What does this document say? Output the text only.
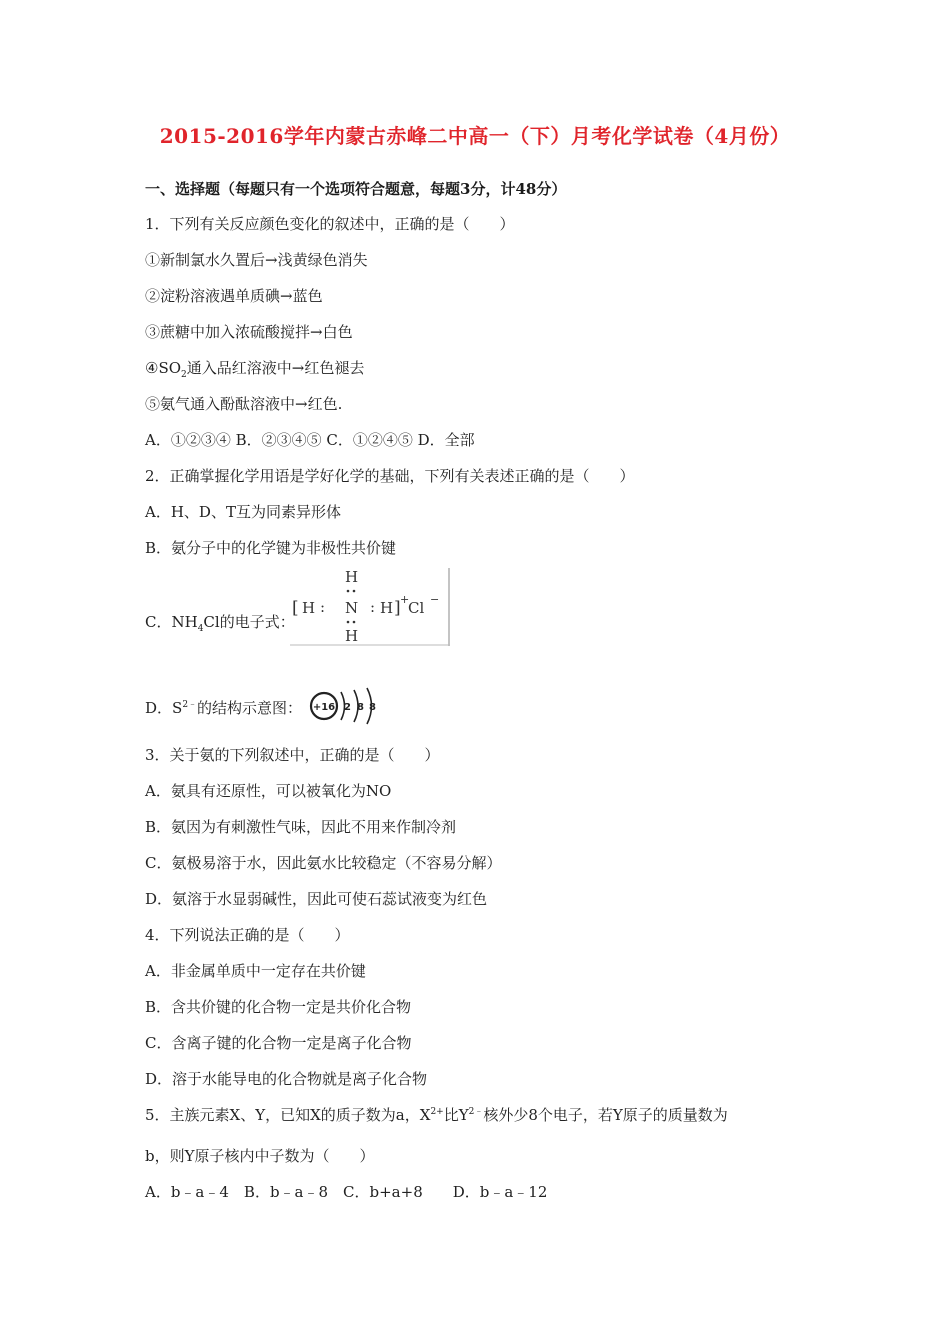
2015-2016学年内蒙古赤峰二中高一（下）月考化学试卷（4月份）
一、选择题（每题只有一个选项符合题意，每题3分，计48分）
1．下列有关反应颜色变化的叙述中，正确的是（　　）
①新制氯水久置后→浅黄绿色消失
②淀粉溶液遇单质碘→蓝色
③蔗糖中加入浓硫酸搅拌→白色
$④SO_2$通入品红溶液中→红色褪去
⑤氨气通入酚酞溶液中→红色.
A．①②③④ B．②③④⑤ C．①②④⑤ D．全部
2．正确掌握化学用语是学好化学的基础，下列有关表述正确的是（　　）
A．H、D、T互为同素异形体
B．氨分子中的化学键为非极性共价键
C．$NH_4Cl$的电子式：
H
[ H : N : H ] +
Cl −
H
D．$S^{2﹣}$的结构示意图： +16 2 8 8
3．关于氨的下列叙述中，正确的是（　　）
A．氨具有还原性，可以被氧化为NO
B．氨因为有刺激性气味，因此不用来作制冷剂
C．氨极易溶于水，因此氨水比较稳定（不容易分解）
D．氨溶于水显弱碱性，因此可使石蕊试液变为红色
4．下列说法正确的是（　　）
A．非金属单质中一定存在共价键
B．含共价键的化合物一定是共价化合物
C．含离子键的化合物一定是离子化合物
D．溶于水能导电的化合物就是离子化合物
5．主族元素X、Y，已知X的质子数为a，$X^{2+}$比$Y^{2﹣}$核外少8个电子，若Y原子的质量数为
b，则Y原子核内中子数为（　　）
A．b﹣a﹣4　B．b﹣a﹣8　C．b+a+8　　D．b﹣a﹣12
